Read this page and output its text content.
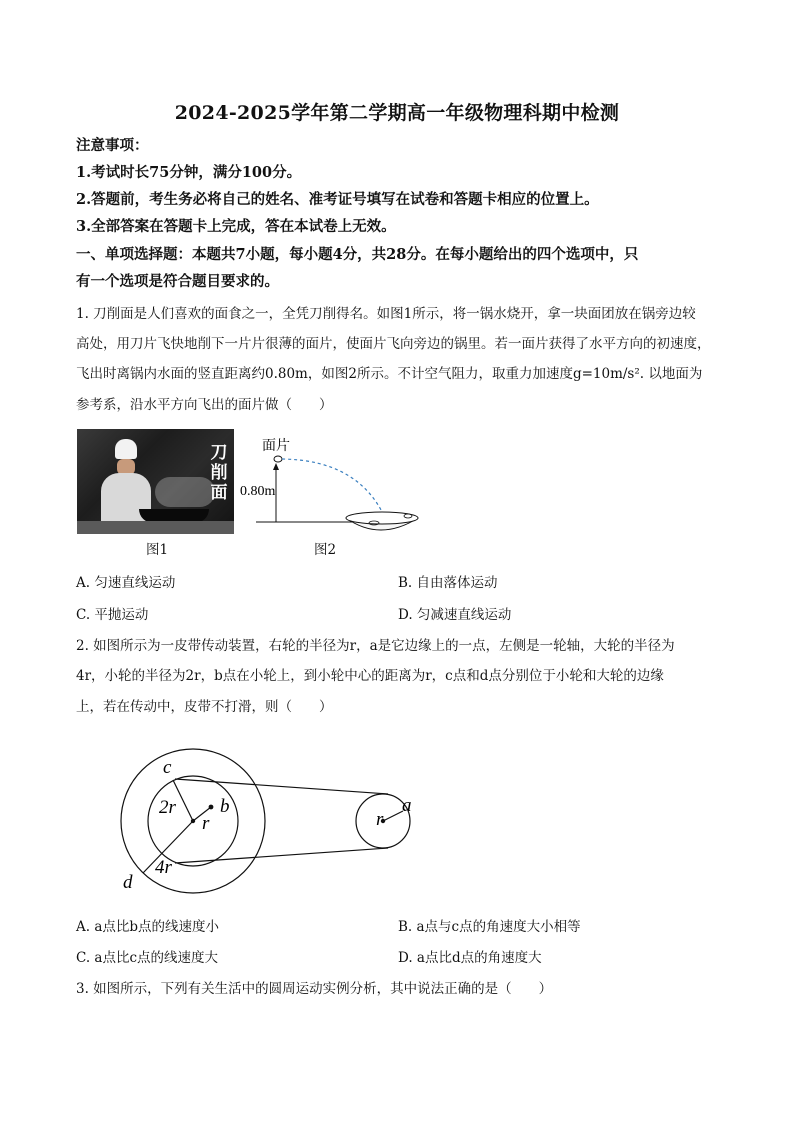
2024-2025学年第二学期高一年级物理科期中检测
注意事项：
1.考试时长75分钟，满分100分。
2.答题前，考生务必将自己的姓名、准考证号填写在试卷和答题卡相应的位置上。
3.全部答案在答题卡上完成，答在本试卷上无效。
一、单项选择题：本题共7小题，每小题4分，共28分。在每小题给出的四个选项中，只
有一个选项是符合题目要求的。
1. 刀削面是人们喜欢的面食之一，全凭刀削得名。如图1所示，将一锅水烧开，拿一块面团放在锅旁边较
高处，用刀片飞快地削下一片片很薄的面片，使面片飞向旁边的锅里。若一面片获得了水平方向的初速度，
飞出时离锅内水面的竖直距离约0.80m，如图2所示。不计空气阻力，取重力加速度g=10m/s². 以地面为
参考系，沿水平方向飞出的面片做（　　）
刀削面
面片
0.80m
图1	图2
A. 匀速直线运动	B. 自由落体运动
C. 平抛运动	D. 匀减速直线运动
2. 如图所示为一皮带传动装置，右轮的半径为r，a是它边缘上的一点，左侧是一轮轴，大轮的半径为
4r，小轮的半径为2r，b点在小轮上，到小轮中心的距离为r，c点和d点分别位于小轮和大轮的边缘
上，若在传动中，皮带不打滑，则（　　）
c
d
b	a
r	r
2r
4r
A. a点比b点的线速度小	B. a点与c点的角速度大小相等
C. a点比c点的线速度大	D. a点比d点的角速度大
3. 如图所示，下列有关生活中的圆周运动实例分析，其中说法正确的是（　　）
